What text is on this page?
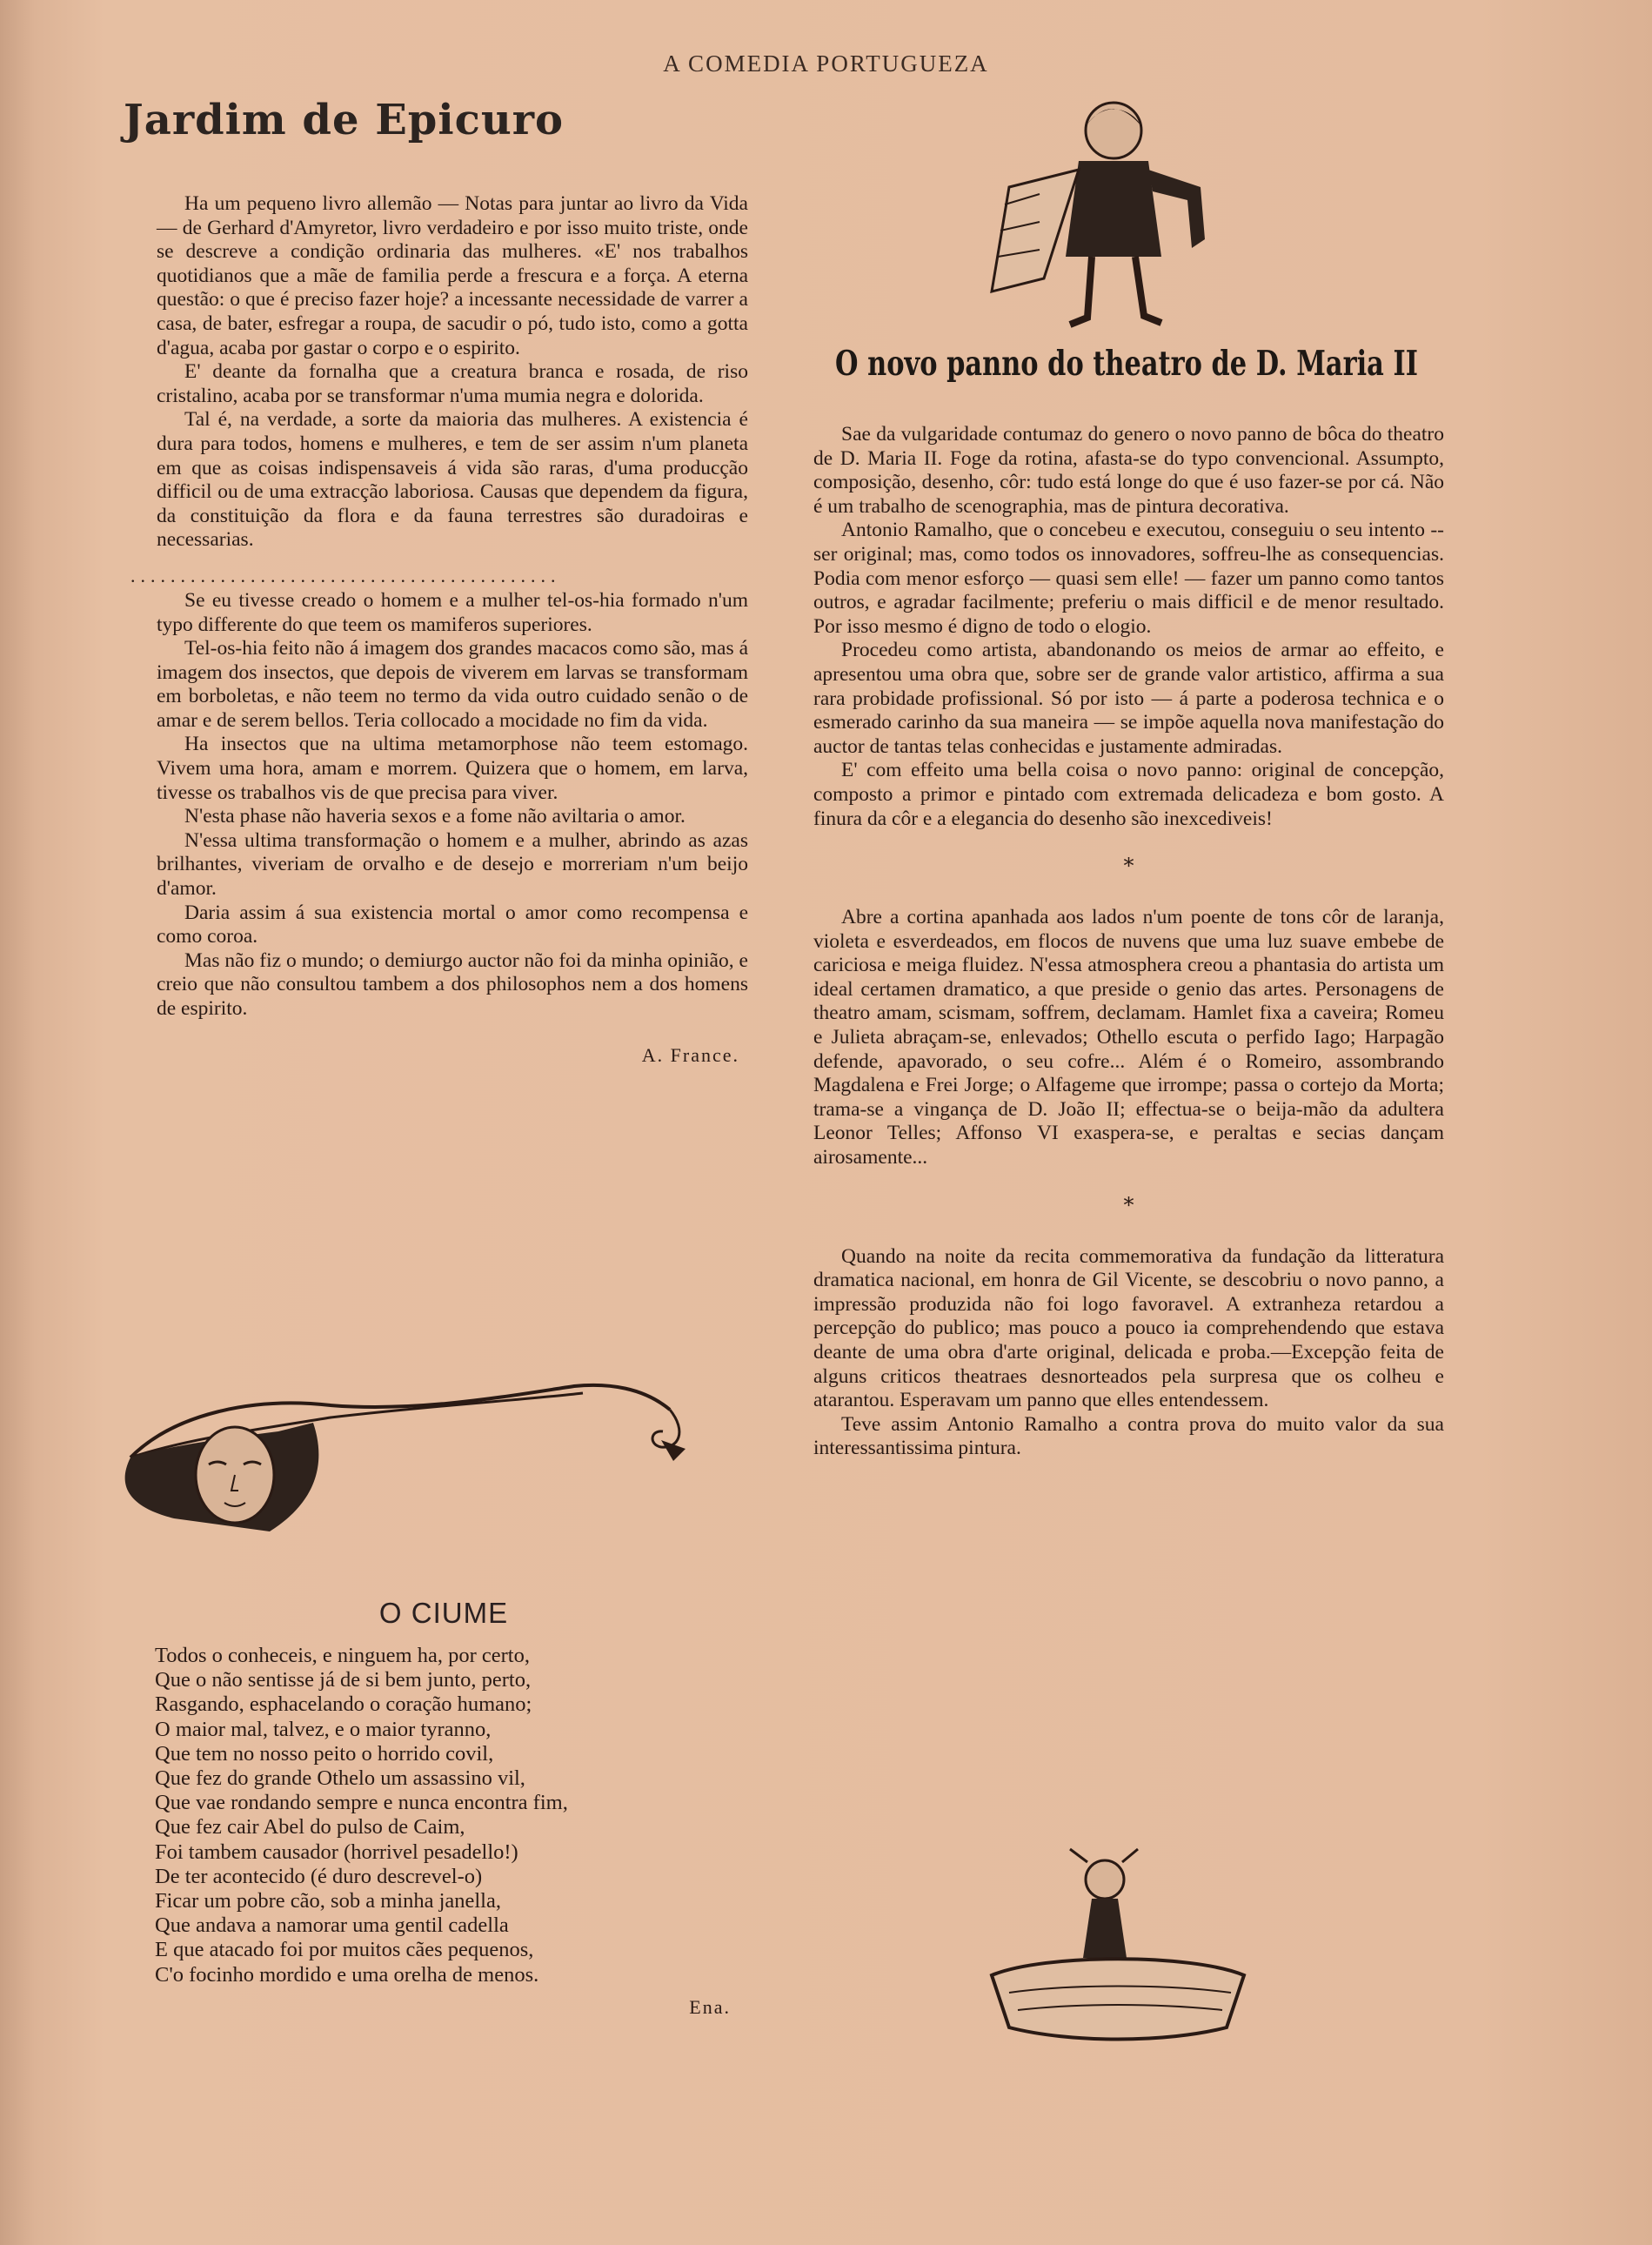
A COMEDIA PORTUGUEZA
Jardim de Epicuro

Ha um pequeno livro allemão — Notas para juntar ao livro da Vida — de Gerhard d'Amyretor, livro verdadeiro e por isso muito triste, onde se descreve a condição ordinaria das mulheres. «E' nos trabalhos quotidianos que a mãe de familia perde a frescura e a força. A eterna questão: o que é preciso fazer hoje? a incessante necessidade de varrer a casa, de bater, esfregar a roupa, de sacudir o pó, tudo isto, como a gotta d'agua, acaba por gastar o corpo e o espirito.

E' deante da fornalha que a creatura branca e rosada, de riso cristalino, acaba por se transformar n'uma mumia negra e dolorida.

Tal é, na verdade, a sorte da maioria das mulheres. A existencia é dura para todos, homens e mulheres, e tem de ser assim n'um planeta em que as coisas indispensaveis á vida são raras, d'uma producção difficil ou de uma extracção laboriosa. Causas que dependem da figura, da constituição da flora e da fauna terrestres são duradoiras e necessarias.

...........................................

Se eu tivesse creado o homem e a mulher tel-os-hia formado n'um typo differente do que teem os mamiferos superiores.

Tel-os-hia feito não á imagem dos grandes macacos como são, mas á imagem dos insectos, que depois de viverem em larvas se transformam em borboletas, e não teem no termo da vida outro cuidado senão o de amar e de serem bellos. Teria collocado a mocidade no fim da vida.

Ha insectos que na ultima metamorphose não teem estomago. Vivem uma hora, amam e morrem. Quizera que o homem, em larva, tivesse os trabalhos vis de que precisa para viver.

N'esta phase não haveria sexos e a fome não aviltaria o amor.

N'essa ultima transformação o homem e a mulher, abrindo as azas brilhantes, viveriam de orvalho e de desejo e morreriam n'um beijo d'amor.

Daria assim á sua existencia mortal o amor como recompensa e como coroa.

Mas não fiz o mundo; o demiurgo auctor não foi da minha opinião, e creio que não consultou tambem a dos philosophos nem a dos homens de espirito.

A. France.
O CIUME
Todos o conheceis, e ninguem ha, por certo,
Que o não sentisse já de si bem junto, perto,
Rasgando, esphacelando o coração humano;
O maior mal, talvez, e o maior tyranno,
Que tem no nosso peito o horrido covil,
Que fez do grande Othelo um assassino vil,
Que vae rondando sempre e nunca encontra fim,
Que fez cair Abel do pulso de Caim,
Foi tambem causador (horrivel pesadello!)
De ter acontecido (é duro descrevel-o)
Ficar um pobre cão, sob a minha janella,
Que andava a namorar uma gentil cadella
E que atacado foi por muitos cães pequenos,
C'o focinho mordido e uma orelha de menos.
Ena.
O novo panno do theatro de D. Maria II

Sae da vulgaridade contumaz do genero o novo panno de bôca do theatro de D. Maria II. Foge da rotina, afasta-se do typo convencional. Assumpto, composição, desenho, côr: tudo está longe do que é uso fazer-se por cá. Não é um trabalho de scenographia, mas de pintura decorativa.

Antonio Ramalho, que o concebeu e executou, conseguiu o seu intento -- ser original; mas, como todos os innovadores, soffreu-lhe as consequencias. Podia com menor esforço — quasi sem elle! — fazer um panno como tantos outros, e agradar facilmente; preferiu o mais difficil e de menor resultado. Por isso mesmo é digno de todo o elogio.

Procedeu como artista, abandonando os meios de armar ao effeito, e apresentou uma obra que, sobre ser de grande valor artistico, affirma a sua rara probidade profissional. Só por isto — á parte a poderosa technica e o esmerado carinho da sua maneira — se impõe aquella nova manifestação do auctor de tantas telas conhecidas e justamente admiradas.

E' com effeito uma bella coisa o novo panno: original de concepção, composto a primor e pintado com extremada delicadeza e bom gosto. A finura da côr e a elegancia do desenho são inexcediveis!

*

Abre a cortina apanhada aos lados n'um poente de tons côr de laranja, violeta e esverdeados, em flocos de nuvens que uma luz suave embebe de cariciosa e meiga fluidez. N'essa atmosphera creou a phantasia do artista um ideal certamen dramatico, a que preside o genio das artes. Personagens de theatro amam, scismam, soffrem, declamam. Hamlet fixa a caveira; Romeu e Julieta abraçam-se, enlevados; Othello escuta o perfido Iago; Harpagão defende, apavorado, o seu cofre... Além é o Romeiro, assombrando Magdalena e Frei Jorge; o Alfageme que irrompe; passa o cortejo da Morta; trama-se a vingança de D. João II; effectua-se o beija-mão da adultera Leonor Telles; Affonso VI exaspera-se, e peraltas e secias dançam airosamente...

*

Quando na noite da recita commemorativa da fundação da litteratura dramatica nacional, em honra de Gil Vicente, se descobriu o novo panno, a impressão produzida não foi logo favoravel. A extranheza retardou a percepção do publico; mas pouco a pouco ia comprehendendo que estava deante de uma obra d'arte original, delicada e proba.—Excepção feita de alguns criticos theatraes desnorteados pela surpresa que os colheu e atarantou. Esperavam um panno que elles entendessem.

Teve assim Antonio Ramalho a contra prova do muito valor da sua interessantissima pintura.
